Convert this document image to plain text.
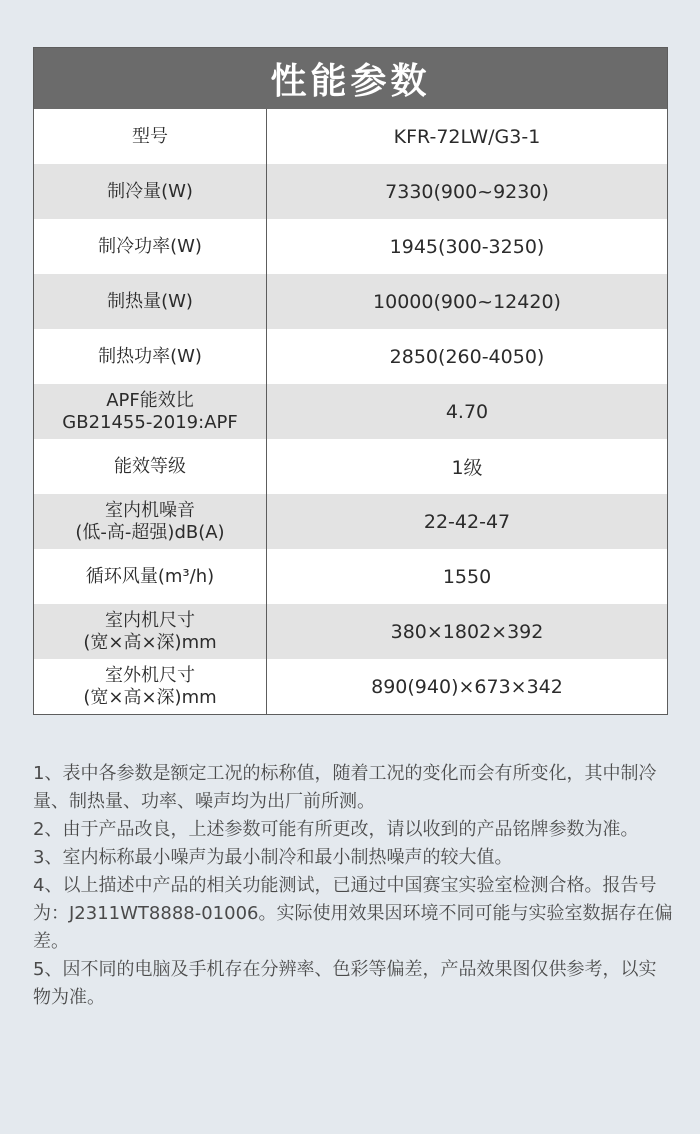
性能参数
型号	KFR-72LW/G3-1
制冷量(W)	7330(900~9230)
制冷功率(W)	1945(300-3250)
制热量(W)	10000(900~12420)
制热功率(W)	2850(260-4050)
APF能效比
GB21455-2019:APF	4.70
能效等级	1级
室内机噪音
(低-高-超强)dB(A)	22-42-47
循环风量(m³/h)	1550
室内机尺寸
(宽×高×深)mm	380×1802×392
室外机尺寸
(宽×高×深)mm	890(940)×673×342

1、表中各参数是额定工况的标称值，随着工况的变化而会有所变化，其中制冷量、制热量、功率、噪声均为出厂前所测。

2、由于产品改良，上述参数可能有所更改，请以收到的产品铭牌参数为准。

3、室内标称最小噪声为最小制冷和最小制热噪声的较大值。

4、以上描述中产品的相关功能测试，已通过中国赛宝实验室检测合格。报告号为：J2311WT8888-01006。实际使用效果因环境不同可能与实验室数据存在偏差。

5、因不同的电脑及手机存在分辨率、色彩等偏差，产品效果图仅供参考，以实物为准。
